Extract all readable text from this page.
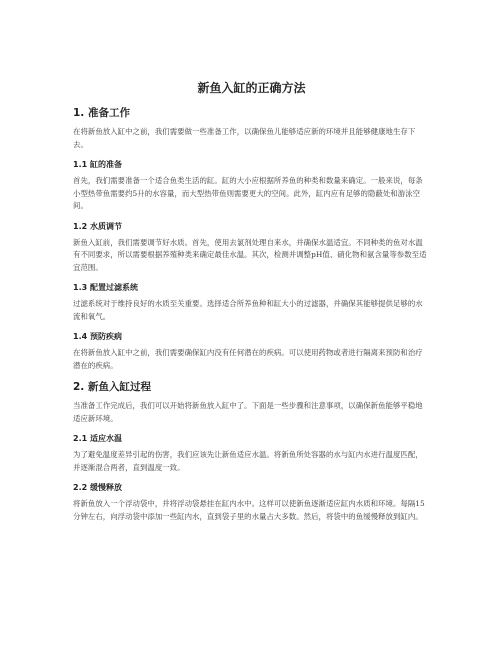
新鱼入缸的正确方法
1. 准备工作
在将新鱼放入缸中之前，我们需要做一些准备工作，以确保鱼儿能够适应新的环境并且能够健康地生存下去。
1.1 缸的准备
首先，我们需要准备一个适合鱼类生活的缸。缸的大小应根据所养鱼的种类和数量来确定。一般来说，每条小型热带鱼需要约5升的水容量，而大型热带鱼则需要更大的空间。此外，缸内应有足够的隐蔽处和游泳空间。
1.2 水质调节
新鱼入缸前，我们需要调节好水质。首先，使用去氯剂处理自来水，并确保水温适宜。不同种类的鱼对水温有不同要求，所以需要根据养殖种类来确定最佳水温。其次，检测并调整pH值、硝化物和氨含量等参数至适宜范围。
1.3 配置过滤系统
过滤系统对于维持良好的水质至关重要。选择适合所养鱼种和缸大小的过滤器，并确保其能够提供足够的水流和氧气。
1.4 预防疾病
在将新鱼放入缸中之前，我们需要确保缸内没有任何潜在的疾病。可以使用药物或者进行隔离来预防和治疗潜在的疾病。
2. 新鱼入缸过程
当准备工作完成后，我们可以开始将新鱼放入缸中了。下面是一些步骤和注意事项，以确保新鱼能够平稳地适应新环境。
2.1 适应水温
为了避免温度差异引起的伤害，我们应该先让新鱼适应水温。将新鱼所处容器的水与缸内水进行温度匹配，并逐渐混合两者，直到温度一致。
2.2 缓慢释放
将新鱼放入一个浮动袋中，并将浮动袋悬挂在缸内水中。这样可以使新鱼逐渐适应缸内水质和环境。每隔15分钟左右，向浮动袋中添加一些缸内水，直到袋子里的水量占大多数。然后，将袋中的鱼缓慢释放到缸内。
